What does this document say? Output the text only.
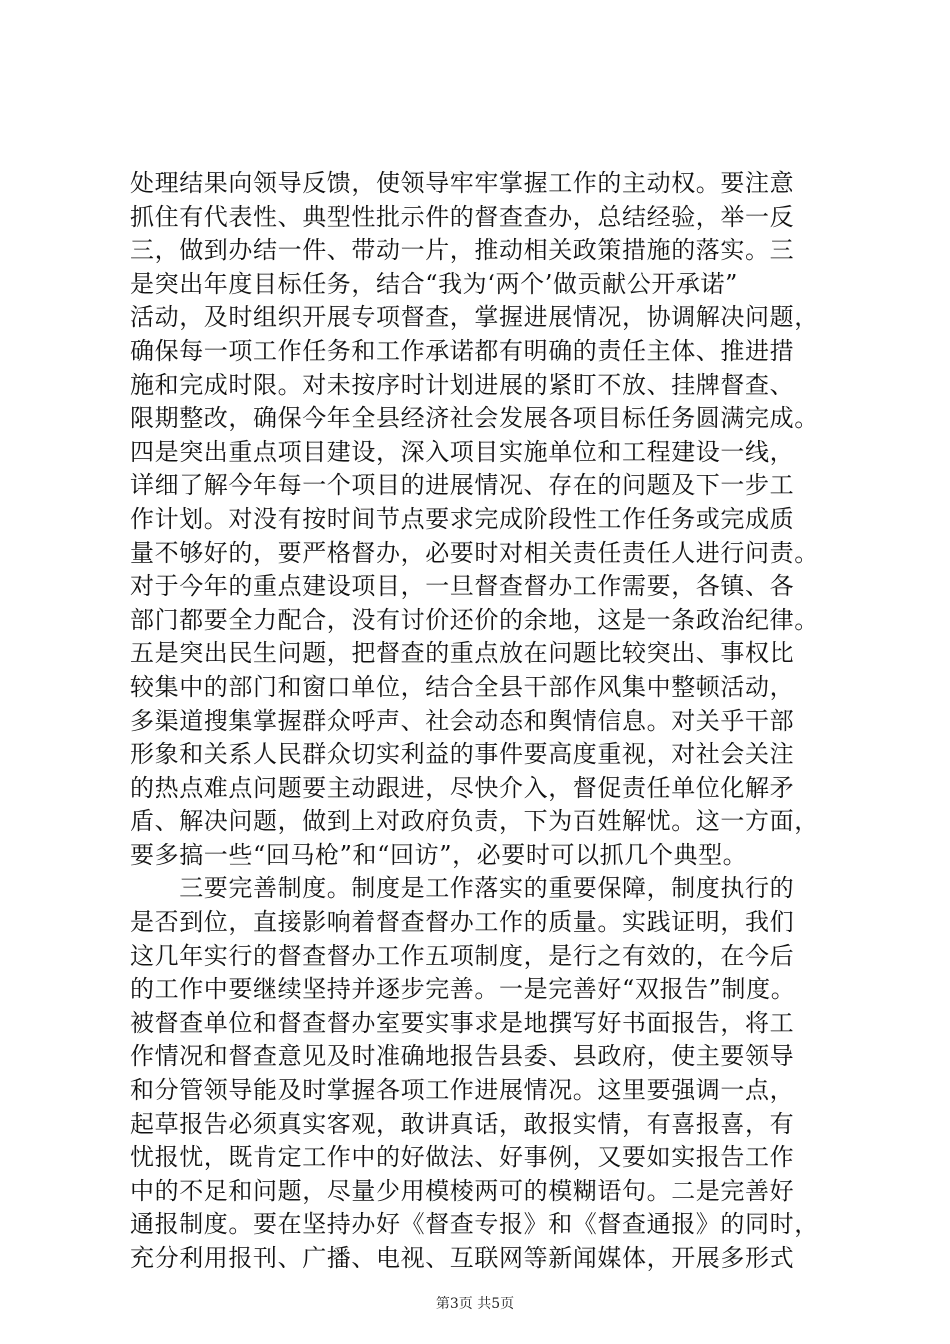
处理结果向领导反馈，使领导牢牢掌握工作的主动权。要注意
抓住有代表性、典型性批示件的督查查办，总结经验，举一反
三，做到办结一件、带动一片，推动相关政策措施的落实。三
是突出年度目标任务，结合“我为‘两个’做贡献公开承诺”
活动，及时组织开展专项督查，掌握进展情况，协调解决问题，
确保每一项工作任务和工作承诺都有明确的责任主体、推进措
施和完成时限。对未按序时计划进展的紧盯不放、挂牌督查、
限期整改，确保今年全县经济社会发展各项目标任务圆满完成。
四是突出重点项目建设，深入项目实施单位和工程建设一线，
详细了解今年每一个项目的进展情况、存在的问题及下一步工
作计划。对没有按时间节点要求完成阶段性工作任务或完成质
量不够好的，要严格督办，必要时对相关责任责任人进行问责。
对于今年的重点建设项目，一旦督查督办工作需要，各镇、各
部门都要全力配合，没有讨价还价的余地，这是一条政治纪律。
五是突出民生问题，把督查的重点放在问题比较突出、事权比
较集中的部门和窗口单位，结合全县干部作风集中整顿活动，
多渠道搜集掌握群众呼声、社会动态和舆情信息。对关乎干部
形象和关系人民群众切实利益的事件要高度重视，对社会关注
的热点难点问题要主动跟进，尽快介入，督促责任单位化解矛
盾、解决问题，做到上对政府负责，下为百姓解忧。这一方面，
要多搞一些“回马枪”和“回访”，必要时可以抓几个典型。
　　三要完善制度。制度是工作落实的重要保障，制度执行的
是否到位，直接影响着督查督办工作的质量。实践证明，我们
这几年实行的督查督办工作五项制度，是行之有效的，在今后
的工作中要继续坚持并逐步完善。一是完善好“双报告”制度。
被督查单位和督查督办室要实事求是地撰写好书面报告，将工
作情况和督查意见及时准确地报告县委、县政府，使主要领导
和分管领导能及时掌握各项工作进展情况。这里要强调一点，
起草报告必须真实客观，敢讲真话，敢报实情，有喜报喜，有
忧报忧，既肯定工作中的好做法、好事例，又要如实报告工作
中的不足和问题，尽量少用模棱两可的模糊语句。二是完善好
通报制度。要在坚持办好《督查专报》和《督查通报》的同时，
充分利用报刊、广播、电视、互联网等新闻媒体，开展多形式
第3页 共5页
